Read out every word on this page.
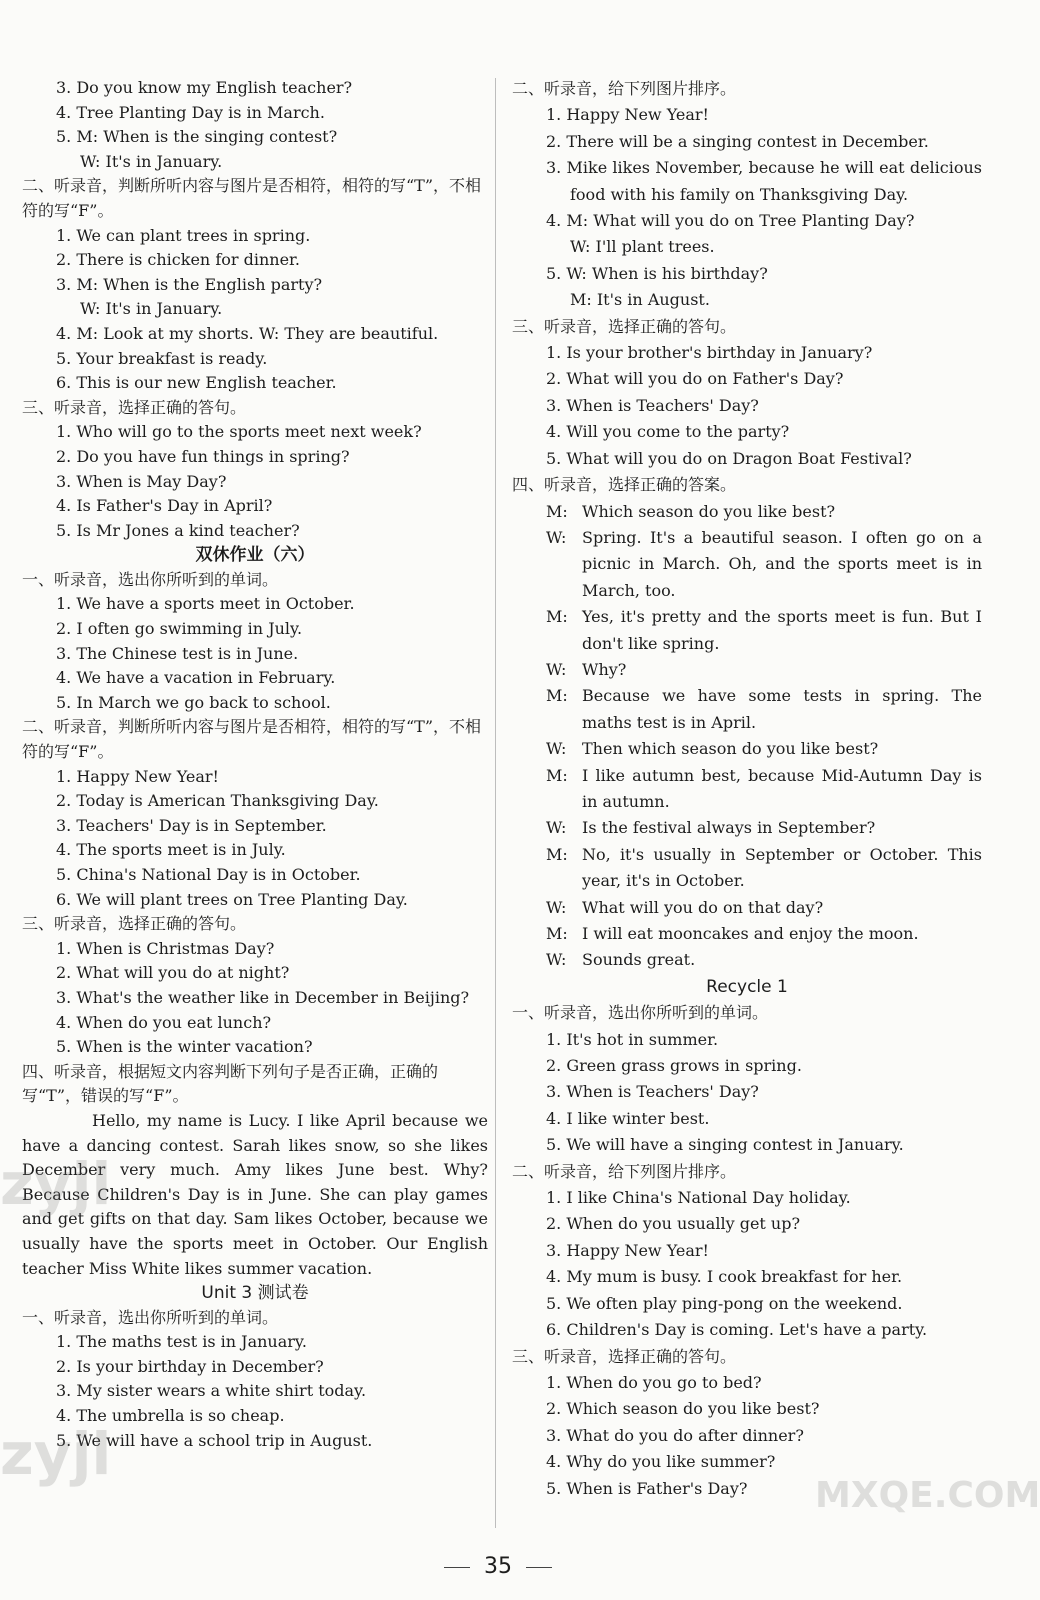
3. Do you know my English teacher?
4. Tree Planting Day is in March.
5. M: When is the singing contest?
W: It's in January.
二、听录音，判断所听内容与图片是否相符，相符的写“T”，不相符的写“F”。
1. We can plant trees in spring.
2. There is chicken for dinner.
3. M: When is the English party?
W: It's in January.
4. M: Look at my shorts. W: They are beautiful.
5. Your breakfast is ready.
6. This is our new English teacher.
三、听录音，选择正确的答句。
1. Who will go to the sports meet next week?
2. Do you have fun things in spring?
3. When is May Day?
4. Is Father's Day in April?
5. Is Mr Jones a kind teacher?
双休作业（六）
一、听录音，选出你所听到的单词。
1. We have a sports meet in October.
2. I often go swimming in July.
3. The Chinese test is in June.
4. We have a vacation in February.
5. In March we go back to school.
二、听录音，判断所听内容与图片是否相符，相符的写“T”，不相符的写“F”。
1. Happy New Year!
2. Today is American Thanksgiving Day.
3. Teachers' Day is in September.
4. The sports meet is in July.
5. China's National Day is in October.
6. We will plant trees on Tree Planting Day.
三、听录音，选择正确的答句。
1. When is Christmas Day?
2. What will you do at night?
3. What's the weather like in December in Beijing?
4. When do you eat lunch?
5. When is the winter vacation?
四、听录音，根据短文内容判断下列句子是否正确，正确的写“T”，错误的写“F”。
Hello, my name is Lucy. I like April because we have a dancing contest. Sarah likes snow, so she likes December very much. Amy likes June best. Why? Because Children's Day is in June. She can play games and get gifts on that day. Sam likes October, because we usually have the sports meet in October. Our English teacher Miss White likes summer vacation.
Unit 3 测试卷
一、听录音，选出你所听到的单词。
1. The maths test is in January.
2. Is your birthday in December?
3. My sister wears a white shirt today.
4. The umbrella is so cheap.
5. We will have a school trip in August.
二、听录音，给下列图片排序。
1. Happy New Year!
2. There will be a singing contest in December.
3. Mike likes November, because he will eat delicious food with his family on Thanksgiving Day.
4. M: What will you do on Tree Planting Day?
W: I'll plant trees.
5. W: When is his birthday?
M: It's in August.
三、听录音，选择正确的答句。
1. Is your brother's birthday in January?
2. What will you do on Father's Day?
3. When is Teachers' Day?
4. Will you come to the party?
5. What will you do on Dragon Boat Festival?
四、听录音，选择正确的答案。
M: Which season do you like best?
W: Spring. It's a beautiful season. I often go on a picnic in March. Oh, and the sports meet is in March, too.
M: Yes, it's pretty and the sports meet is fun. But I don't like spring.
W: Why?
M: Because we have some tests in spring. The maths test is in April.
W: Then which season do you like best?
M: I like autumn best, because Mid-Autumn Day is in autumn.
W: Is the festival always in September?
M: No, it's usually in September or October. This year, it's in October.
W: What will you do on that day?
M: I will eat mooncakes and enjoy the moon.
W: Sounds great.
Recycle 1
一、听录音，选出你所听到的单词。
1. It's hot in summer.
2. Green grass grows in spring.
3. When is Teachers' Day?
4. I like winter best.
5. We will have a singing contest in January.
二、听录音，给下列图片排序。
1. I like China's National Day holiday.
2. When do you usually get up?
3. Happy New Year!
4. My mum is busy. I cook breakfast for her.
5. We often play ping-pong on the weekend.
6. Children's Day is coming. Let's have a party.
三、听录音，选择正确的答句。
1. When do you go to bed?
2. Which season do you like best?
3. What do you do after dinner?
4. Why do you like summer?
5. When is Father's Day?
35
zyjl
zyjl
MXQE.COM
